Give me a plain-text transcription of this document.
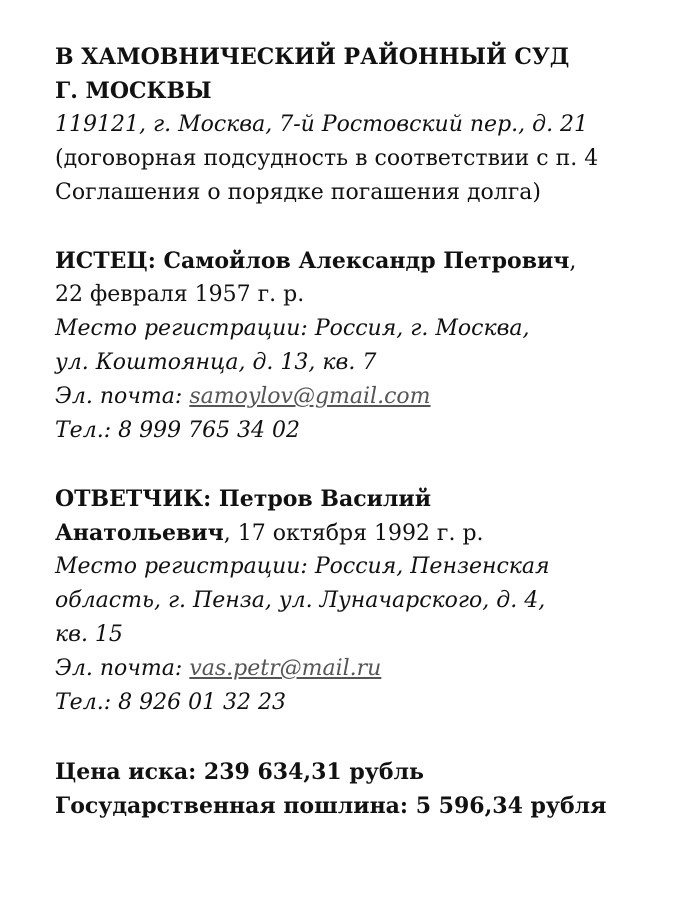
В ХАМОВНИЧЕСКИЙ РАЙОННЫЙ СУД
Г. МОСКВЫ
119121, г. Москва, 7-й Ростовский пер., д. 21
(договорная подсудность в соответствии с п. 4
Соглашения о порядке погашения долга)
ИСТЕЦ: Самойлов Александр Петрович,
22 февраля 1957 г. р.
Место регистрации: Россия, г. Москва,
ул. Коштоянца, д. 13, кв. 7
Эл. почта: samoylov@gmail.com
Тел.: 8 999 765 34 02
ОТВЕТЧИК: Петров Василий
Анатольевич, 17 октября 1992 г. р.
Место регистрации: Россия, Пензенская
область, г. Пенза, ул. Луначарского, д. 4,
кв. 15
Эл. почта: vas.petr@mail.ru
Тел.: 8 926 01 32 23
Цена иска: 239 634,31 рубль
Государственная пошлина: 5 596,34 рубля
